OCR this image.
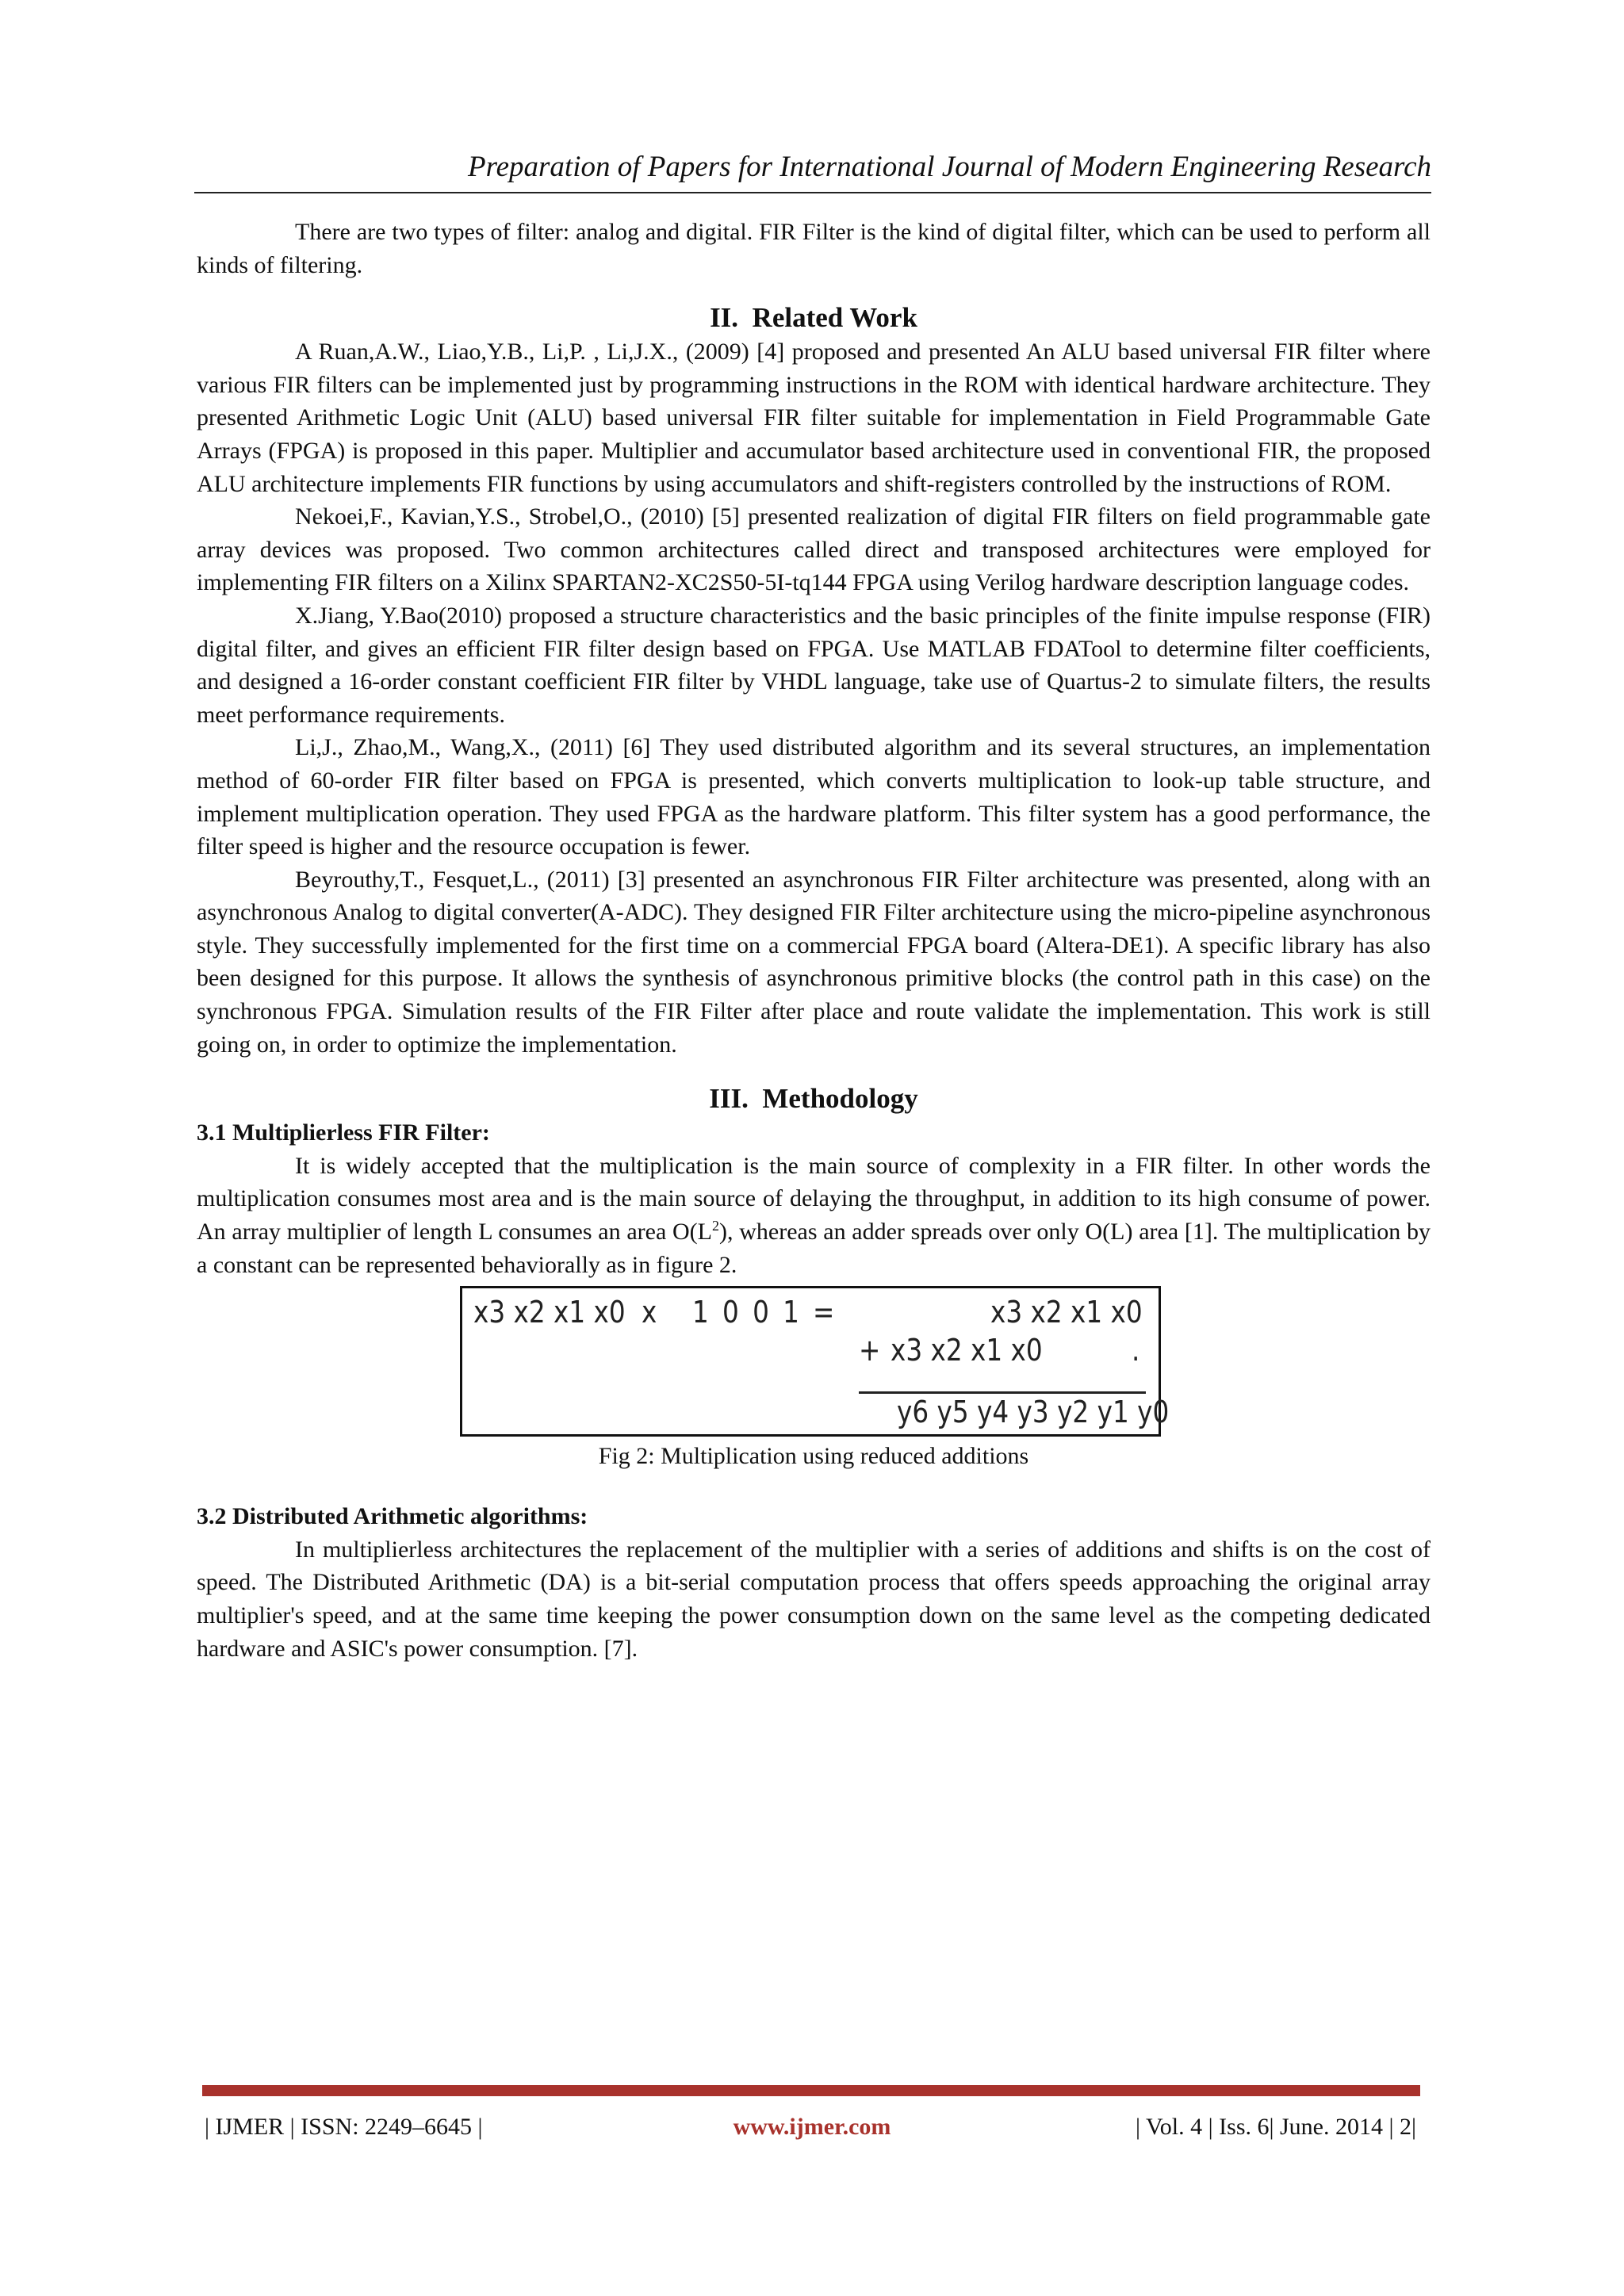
Preparation of Papers for International Journal of Modern Engineering Research

There are two types of filter: analog and digital. FIR Filter is the kind of digital filter, which can be used to perform all kinds of filtering.

II.  Related Work

A Ruan,A.W., Liao,Y.B., Li,P. , Li,J.X., (2009) [4] proposed and presented An ALU based universal FIR filter where various FIR filters can be implemented just by programming instructions in the ROM with identical hardware architecture. They presented Arithmetic Logic Unit (ALU) based universal FIR filter suitable for implementation in Field Programmable Gate Arrays (FPGA) is proposed in this paper. Multiplier and accumulator based architecture used in conventional FIR, the proposed ALU architecture implements FIR functions by using accumulators and shift-registers controlled by the instructions of ROM.

Nekoei,F., Kavian,Y.S., Strobel,O., (2010) [5] presented realization of digital FIR filters on field programmable gate array devices was proposed. Two common architectures called direct and transposed architectures were employed for implementing FIR filters on a Xilinx SPARTAN2-XC2S50-5I-tq144 FPGA using Verilog hardware description language codes.

X.Jiang, Y.Bao(2010) proposed a structure characteristics and the basic principles of the finite impulse response (FIR) digital filter, and gives an efficient FIR filter design based on FPGA. Use MATLAB FDATool to determine filter coefficients, and designed a 16-order constant coefficient FIR filter by VHDL language, take use of Quartus-2 to simulate filters, the results meet performance requirements.

Li,J., Zhao,M., Wang,X., (2011) [6] They used distributed algorithm and its several structures, an implementation method of 60-order FIR filter based on FPGA is presented, which converts multiplication to look-up table structure, and implement multiplication operation. They used FPGA as the hardware platform. This filter system has a good performance, the filter speed is higher and the resource occupation is fewer.

Beyrouthy,T., Fesquet,L., (2011) [3] presented an asynchronous FIR Filter architecture was presented, along with an asynchronous Analog to digital converter(A-ADC). They designed FIR Filter architecture using the micro-pipeline asynchronous style. They successfully implemented for the first time on a commercial FPGA board (Altera-DE1). A specific library has also been designed for this purpose. It allows the synthesis of asynchronous primitive blocks (the control path in this case) on the synchronous FPGA. Simulation results of the FIR Filter after place and route validate the implementation. This work is still going on, in order to optimize the implementation.

III.  Methodology
3.1 Multiplierless FIR Filter:

It is widely accepted that the multiplication is the main source of complexity in a FIR filter. In other words the multiplication consumes most area and is the main source of delaying the throughput, in addition to its high consume of power. An array multiplier of length L consumes an area $O(L^2)$, whereas an adder spreads over only O(L) area [1]. The multiplication by a constant can be represented behaviorally as in figure 2.

x3 x2 x1 x0 x 1 0 0 1 =	x3 x2 x1 x0
+ x3 x2 x1 x0	.
y6 y5 y4 y3 y2 y1 y0
Fig 2: Multiplication using reduced additions
3.2 Distributed Arithmetic algorithms:

In multiplierless architectures the replacement of the multiplier with a series of additions and shifts is on the cost of speed. The Distributed Arithmetic (DA) is a bit-serial computation process that offers speeds approaching the original array multiplier's speed, and at the same time keeping the power consumption down on the same level as the competing dedicated hardware and ASIC's power consumption. [7].

| IJMER | ISSN: 2249–6645 |	www.ijmer.com	| Vol. 4 | Iss. 6| June. 2014 | 2|
